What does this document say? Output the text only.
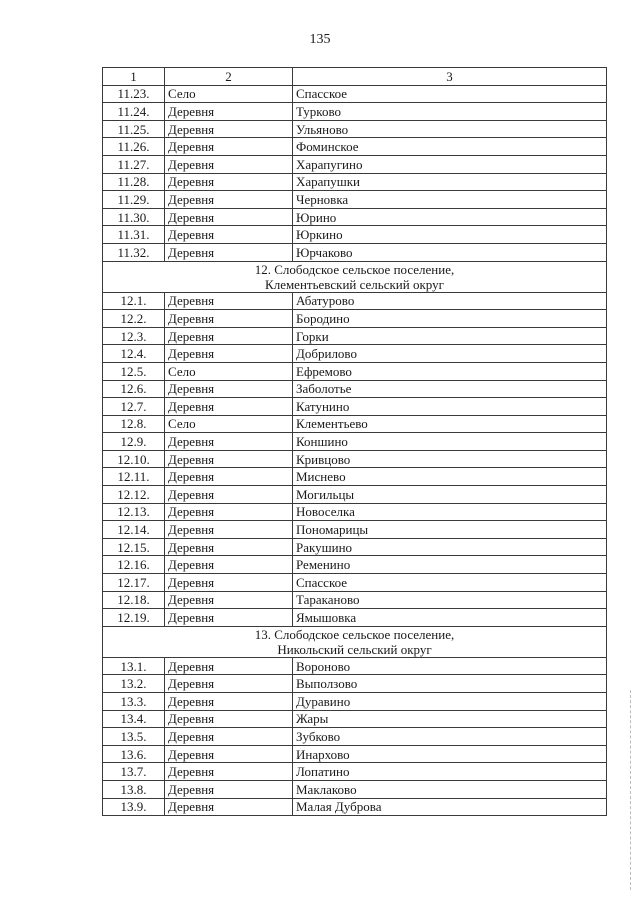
135
1	2	3
11.23.	Село	Спасское
11.24.	Деревня	Турково
11.25.	Деревня	Ульяново
11.26.	Деревня	Фоминское
11.27.	Деревня	Харапугино
11.28.	Деревня	Харапушки
11.29.	Деревня	Черновка
11.30.	Деревня	Юрино
11.31.	Деревня	Юркино
11.32.	Деревня	Юрчаково

12. Слободское сельское поселение,
Клементьевский сельский округ		

12.1.	Деревня	Абатурово
12.2.	Деревня	Бородино
12.3.	Деревня	Горки
12.4.	Деревня	Добрилово
12.5.	Село	Ефремово
12.6.	Деревня	Заболотье
12.7.	Деревня	Катунино
12.8.	Село	Клементьево
12.9.	Деревня	Коншино
12.10.	Деревня	Кривцово
12.11.	Деревня	Миснево
12.12.	Деревня	Могильцы
12.13.	Деревня	Новоселка
12.14.	Деревня	Пономарицы
12.15.	Деревня	Ракушино
12.16.	Деревня	Ременино
12.17.	Деревня	Спасское
12.18.	Деревня	Тараканово
12.19.	Деревня	Ямышовка

13. Слободское сельское поселение,
Никольский сельский округ		

13.1.	Деревня	Вороново
13.2.	Деревня	Выползово
13.3.	Деревня	Дуравино
13.4.	Деревня	Жары
13.5.	Деревня	Зубково
13.6.	Деревня	Инархово
13.7.	Деревня	Лопатино
13.8.	Деревня	Маклаково
13.9.	Деревня	Малая Дуброва
